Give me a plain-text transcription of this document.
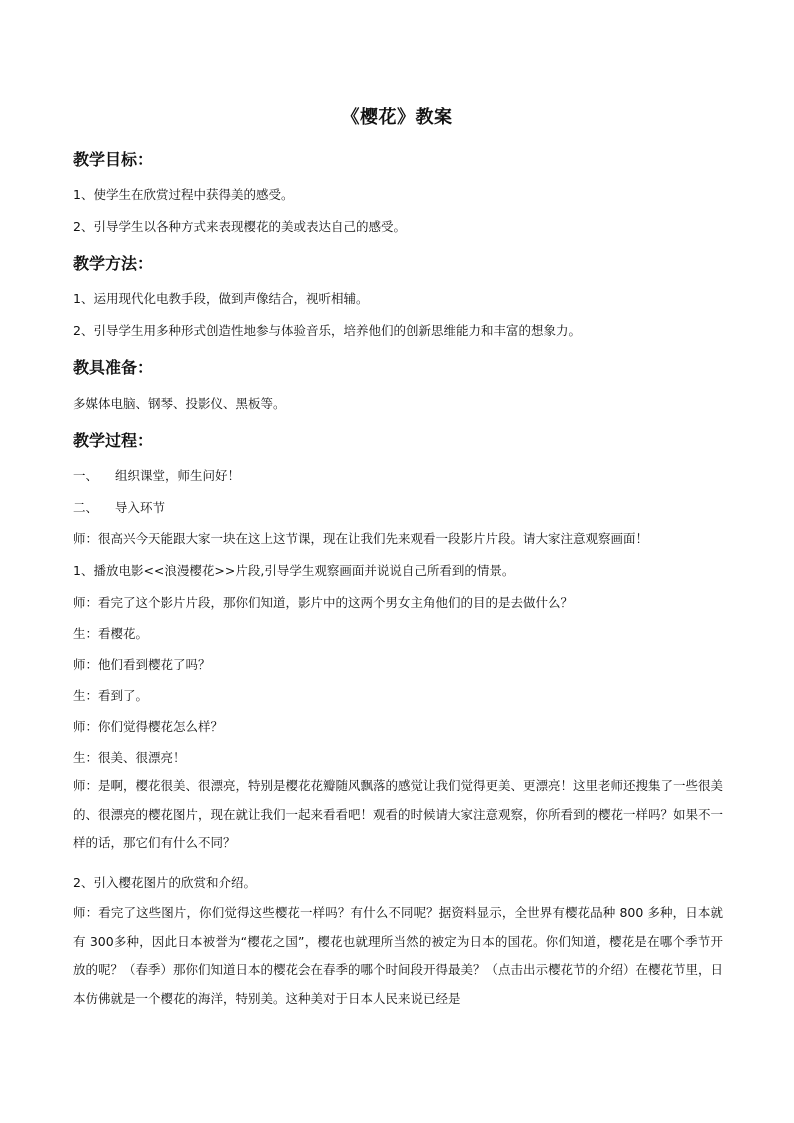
《樱花》教案
教学目标：
1、使学生在欣赏过程中获得美的感受。
2、引导学生以各种方式来表现樱花的美或表达自己的感受。
教学方法：
1、运用现代化电教手段，做到声像结合，视听相辅。
2、引导学生用多种形式创造性地参与体验音乐，培养他们的创新思维能力和丰富的想象力。
教具准备：
多媒体电脑、钢琴、投影仪、黑板等。
教学过程：
一、 组织课堂，师生问好！
二、 导入环节
师：很高兴今天能跟大家一块在这上这节课，现在让我们先来观看一段影片片段。请大家注意观察画面！
1、播放电影<<浪漫樱花>>片段,引导学生观察画面并说说自己所看到的情景。
师：看完了这个影片片段，那你们知道，影片中的这两个男女主角他们的目的是去做什么？
生：看樱花。
师：他们看到樱花了吗？
生：看到了。
师：你们觉得樱花怎么样？
生：很美、很漂亮！
师：是啊，樱花很美、很漂亮，特别是樱花花瓣随风飘落的感觉让我们觉得更美、更漂亮！这里老师还搜集了一些很美的、很漂亮的樱花图片，现在就让我们一起来看看吧！观看的时候请大家注意观察，你所看到的樱花一样吗？如果不一样的话，那它们有什么不同？
2、引入樱花图片的欣赏和介绍。
师：看完了这些图片，你们觉得这些樱花一样吗？有什么不同呢？据资料显示，全世界有樱花品种 800 多种，日本就有 300多种，因此日本被誉为“樱花之国”，樱花也就理所当然的被定为日本的国花。你们知道，樱花是在哪个季节开放的呢？（春季）那你们知道日本的樱花会在春季的哪个时间段开得最美？（点击出示樱花节的介绍）在樱花节里，日本仿佛就是一个樱花的海洋，特别美。这种美对于日本人民来说已经是
